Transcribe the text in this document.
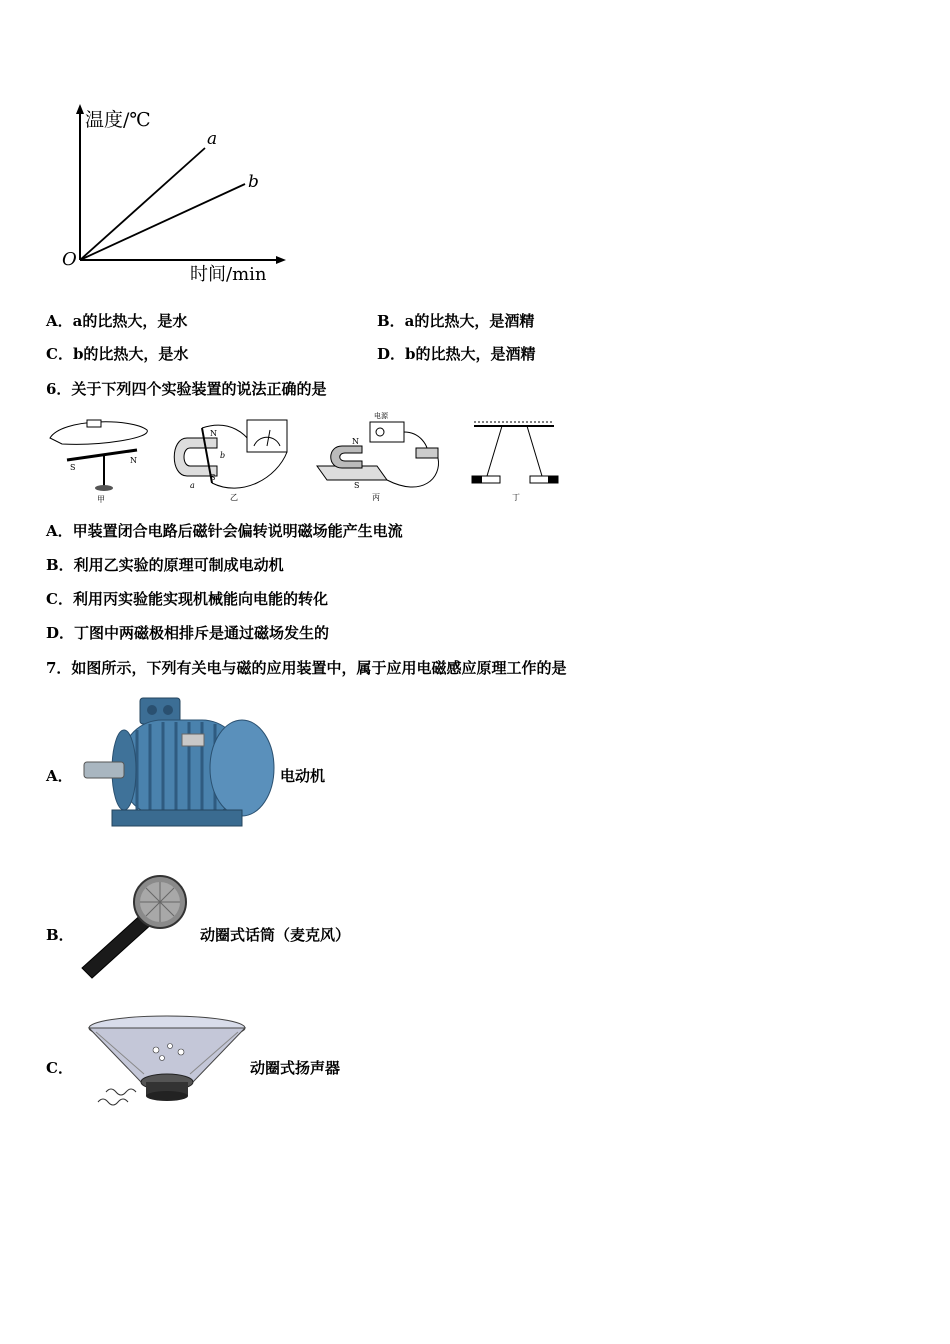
温度/℃
时间/min
O
a
b
A．a的比热大，是水	B．a的比热大，是酒精
C．b的比热大，是水	D．b的比热大，是酒精
6．关于下列四个实验装置的说法正确的是
S
N
甲
N
S
a
b
乙
电源
N
S
丙	丁
A．甲装置闭合电路后磁针会偏转说明磁场能产生电流
B．利用乙实验的原理可制成电动机
C．利用丙实验能实现机械能向电能的转化
D．丁图中两磁极相排斥是通过磁场发生的
7．如图所示，下列有关电与磁的应用装置中，属于应用电磁感应原理工作的是
A．	电动机
B．	动圈式话筒（麦克风）
C．	动圈式扬声器
